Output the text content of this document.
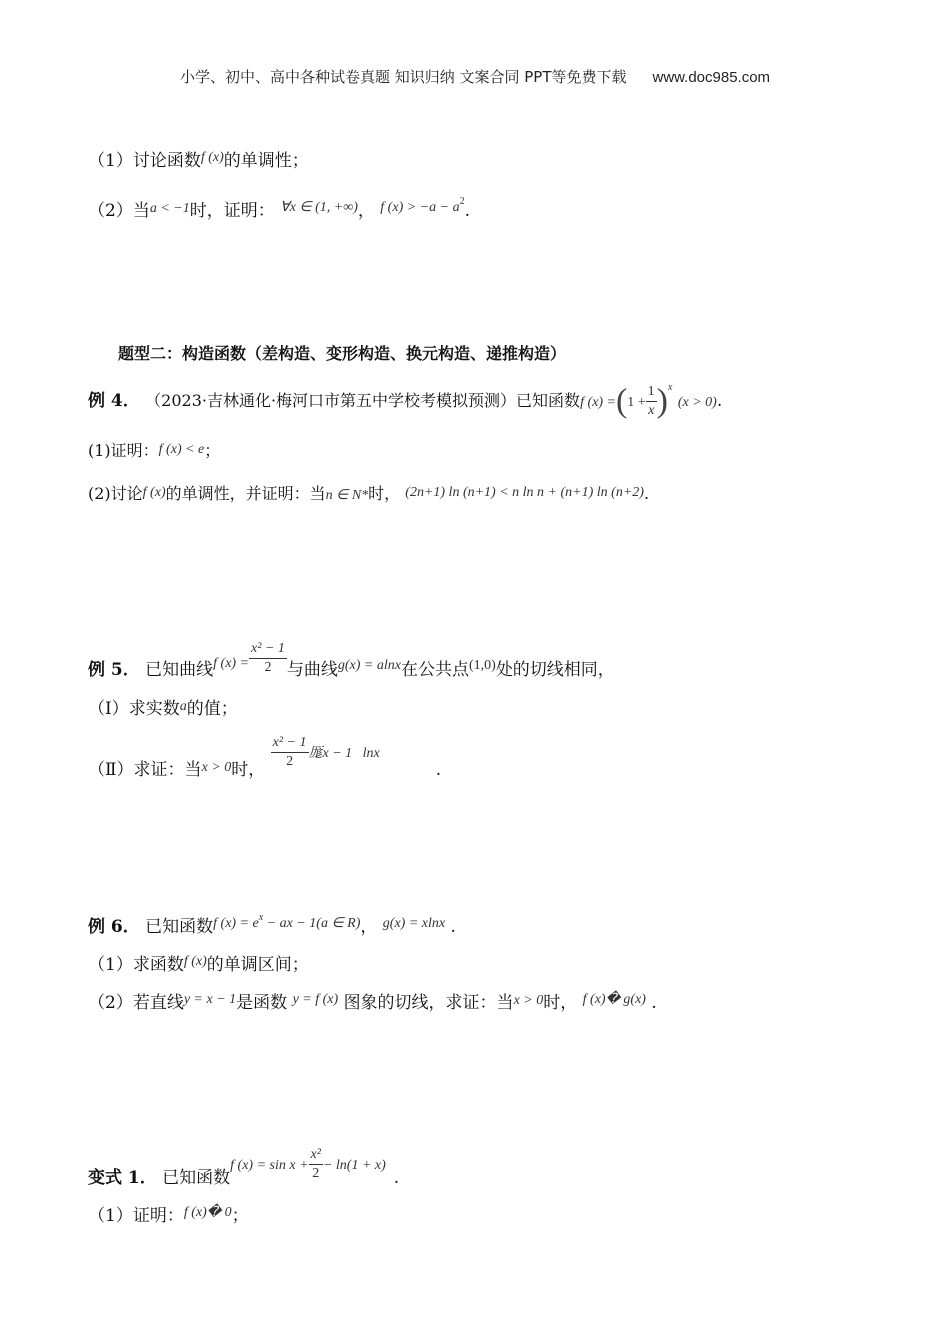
小学、初中、高中各种试卷真题 知识归纳 文案合同 PPT等免费下载 www.doc985.com
（1）讨论函数$^{f (x)}$的单调性；
（2）当$^{a < -1}$时，证明： $^{\forall x \in (1, +\infty)}$， $^{f (x) > -a - a2}$.
题型二：构造函数（差构造、变形构造、换元构造、递推构造）
例 4． （2023·吉林通化·梅河口市第五中学校考模拟预测）已知函数f $(x) =(1 + \frac{1}{x} )^x$ (x > 0).
(1)证明：f (x) < e；
(2)讨论f (x)的单调性，并证明：当n ∈ N*时， (2n+1) ln (n+1) < n ln n + (n+1) ln (n+2).
例 5． 已知曲线$^{f (x) =} \frac{\text{x² − 1}}{2}$ 与曲线$^{g(x) = alnx}$在公共点$^{(1,0)}$处的切线相同，
（Ⅰ）求实数$^a$的值；
（Ⅱ）求证：当$_{x > 0}$时， $\frac{\text{x² − 1}}{2}$ 厖x − 1   lnx.
例 6． 已知函数$^{f (x) = ex}$ $^{- ax - 1(a \in R)}$， $^{g(x) = xlnx}$ .
（1）求函数$^{f (x)}$的单调区间；
（2）若直线$^{y = x - 1}$是函数 $^{y = f (x)}$ 图象的切线，求证：当$^{x > 0}$时， $^{f (x)� g(x)}$ .
变式 1． 已知函数f $(x) = \sin x + \frac{\text{x²}}{2} - \ln(1 + x)$.
（1）证明：$^{f (x)� 0}$；
